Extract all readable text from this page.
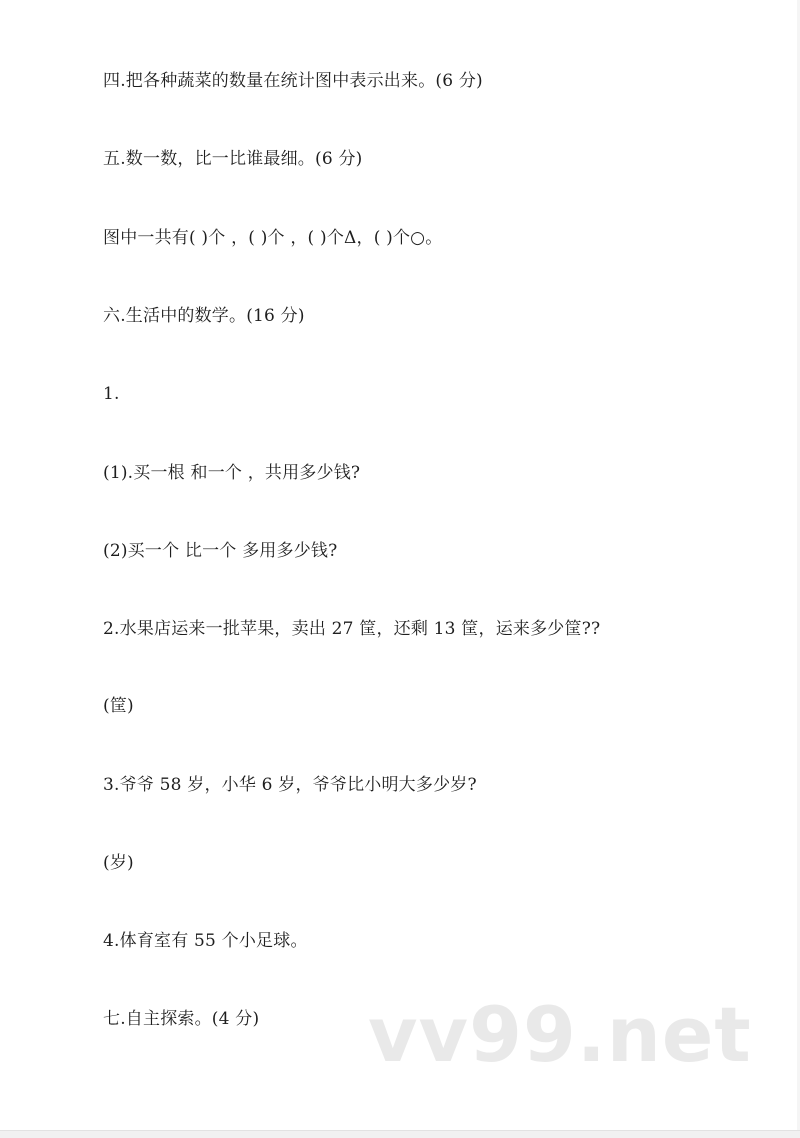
四.把各种蔬菜的数量在统计图中表示出来。(6 分)
五.数一数，比一比谁最细。(6 分)
图中一共有( )个 ，( )个 ，( )个Δ，( )个○。
六.生活中的数学。(16 分)
1.
(1).买一根 和一个 ，共用多少钱?
(2)买一个 比一个 多用多少钱?
2.水果店运来一批苹果，卖出 27 筐，还剩 13 筐，运来多少筐??
(筐)
3.爷爷 58 岁，小华 6 岁，爷爷比小明大多少岁?
(岁)
4.体育室有 55 个小足球。
七.自主探索。(4 分) vv99.net
